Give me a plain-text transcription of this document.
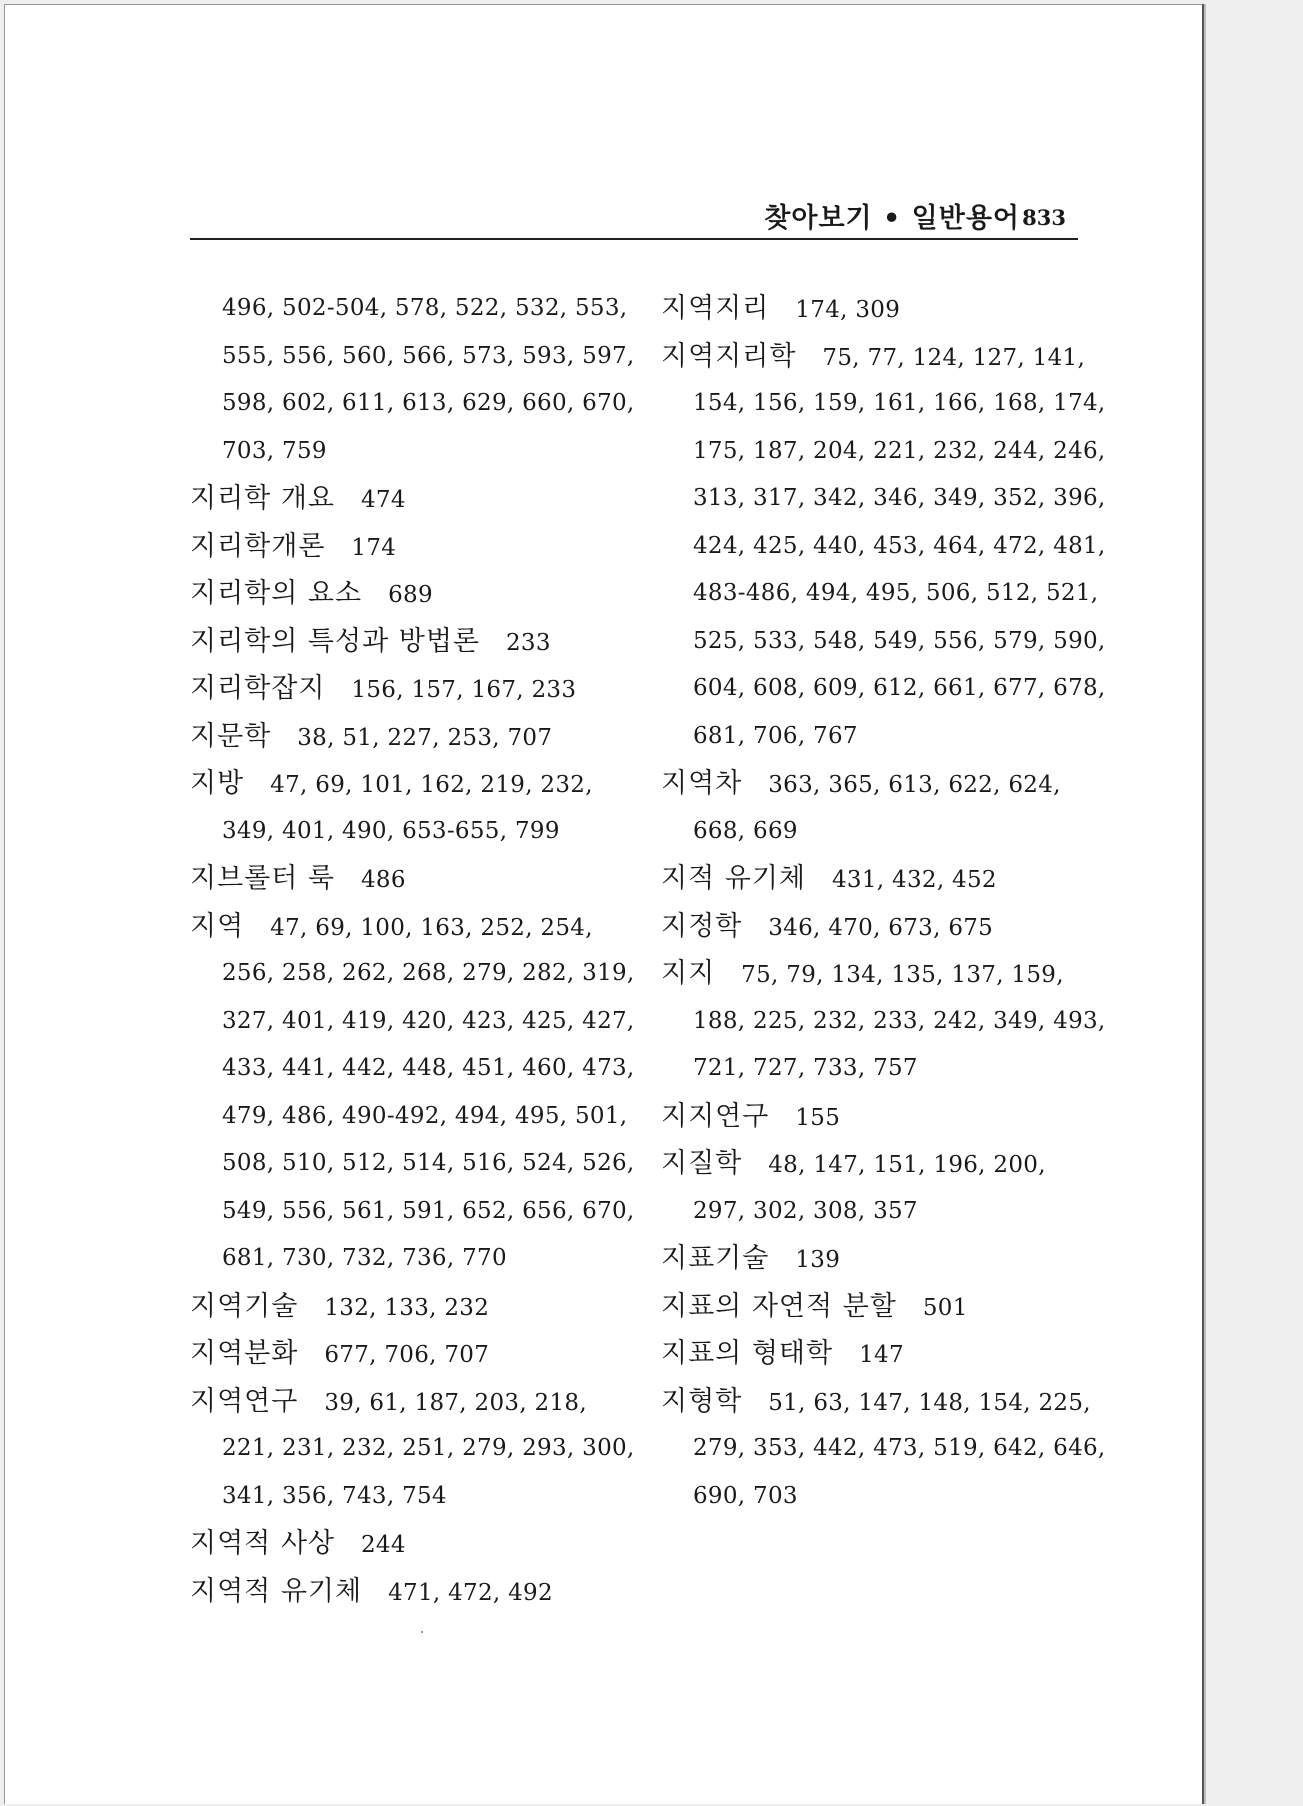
찾아보기 • 일반용어 833
496, 502-504, 578, 522, 532, 553,
555, 556, 560, 566, 573, 593, 597,
598, 602, 611, 613, 629, 660, 670,
703, 759
지리학 개요 474
지리학개론 174
지리학의 요소 689
지리학의 특성과 방법론 233
지리학잡지 156, 157, 167, 233
지문학 38, 51, 227, 253, 707
지방 47, 69, 101, 162, 219, 232,
349, 401, 490, 653-655, 799
지브롤터 룩 486
지역 47, 69, 100, 163, 252, 254,
256, 258, 262, 268, 279, 282, 319,
327, 401, 419, 420, 423, 425, 427,
433, 441, 442, 448, 451, 460, 473,
479, 486, 490-492, 494, 495, 501,
508, 510, 512, 514, 516, 524, 526,
549, 556, 561, 591, 652, 656, 670,
681, 730, 732, 736, 770
지역기술 132, 133, 232
지역분화 677, 706, 707
지역연구 39, 61, 187, 203, 218,
221, 231, 232, 251, 279, 293, 300,
341, 356, 743, 754
지역적 사상 244
지역적 유기체 471, 472, 492
지역지리 174, 309
지역지리학 75, 77, 124, 127, 141,
154, 156, 159, 161, 166, 168, 174,
175, 187, 204, 221, 232, 244, 246,
313, 317, 342, 346, 349, 352, 396,
424, 425, 440, 453, 464, 472, 481,
483-486, 494, 495, 506, 512, 521,
525, 533, 548, 549, 556, 579, 590,
604, 608, 609, 612, 661, 677, 678,
681, 706, 767
지역차 363, 365, 613, 622, 624,
668, 669
지적 유기체 431, 432, 452
지정학 346, 470, 673, 675
지지 75, 79, 134, 135, 137, 159,
188, 225, 232, 233, 242, 349, 493,
721, 727, 733, 757
지지연구 155
지질학 48, 147, 151, 196, 200,
297, 302, 308, 357
지표기술 139
지표의 자연적 분할 501
지표의 형태학 147
지형학 51, 63, 147, 148, 154, 225,
279, 353, 442, 473, 519, 642, 646,
690, 703
